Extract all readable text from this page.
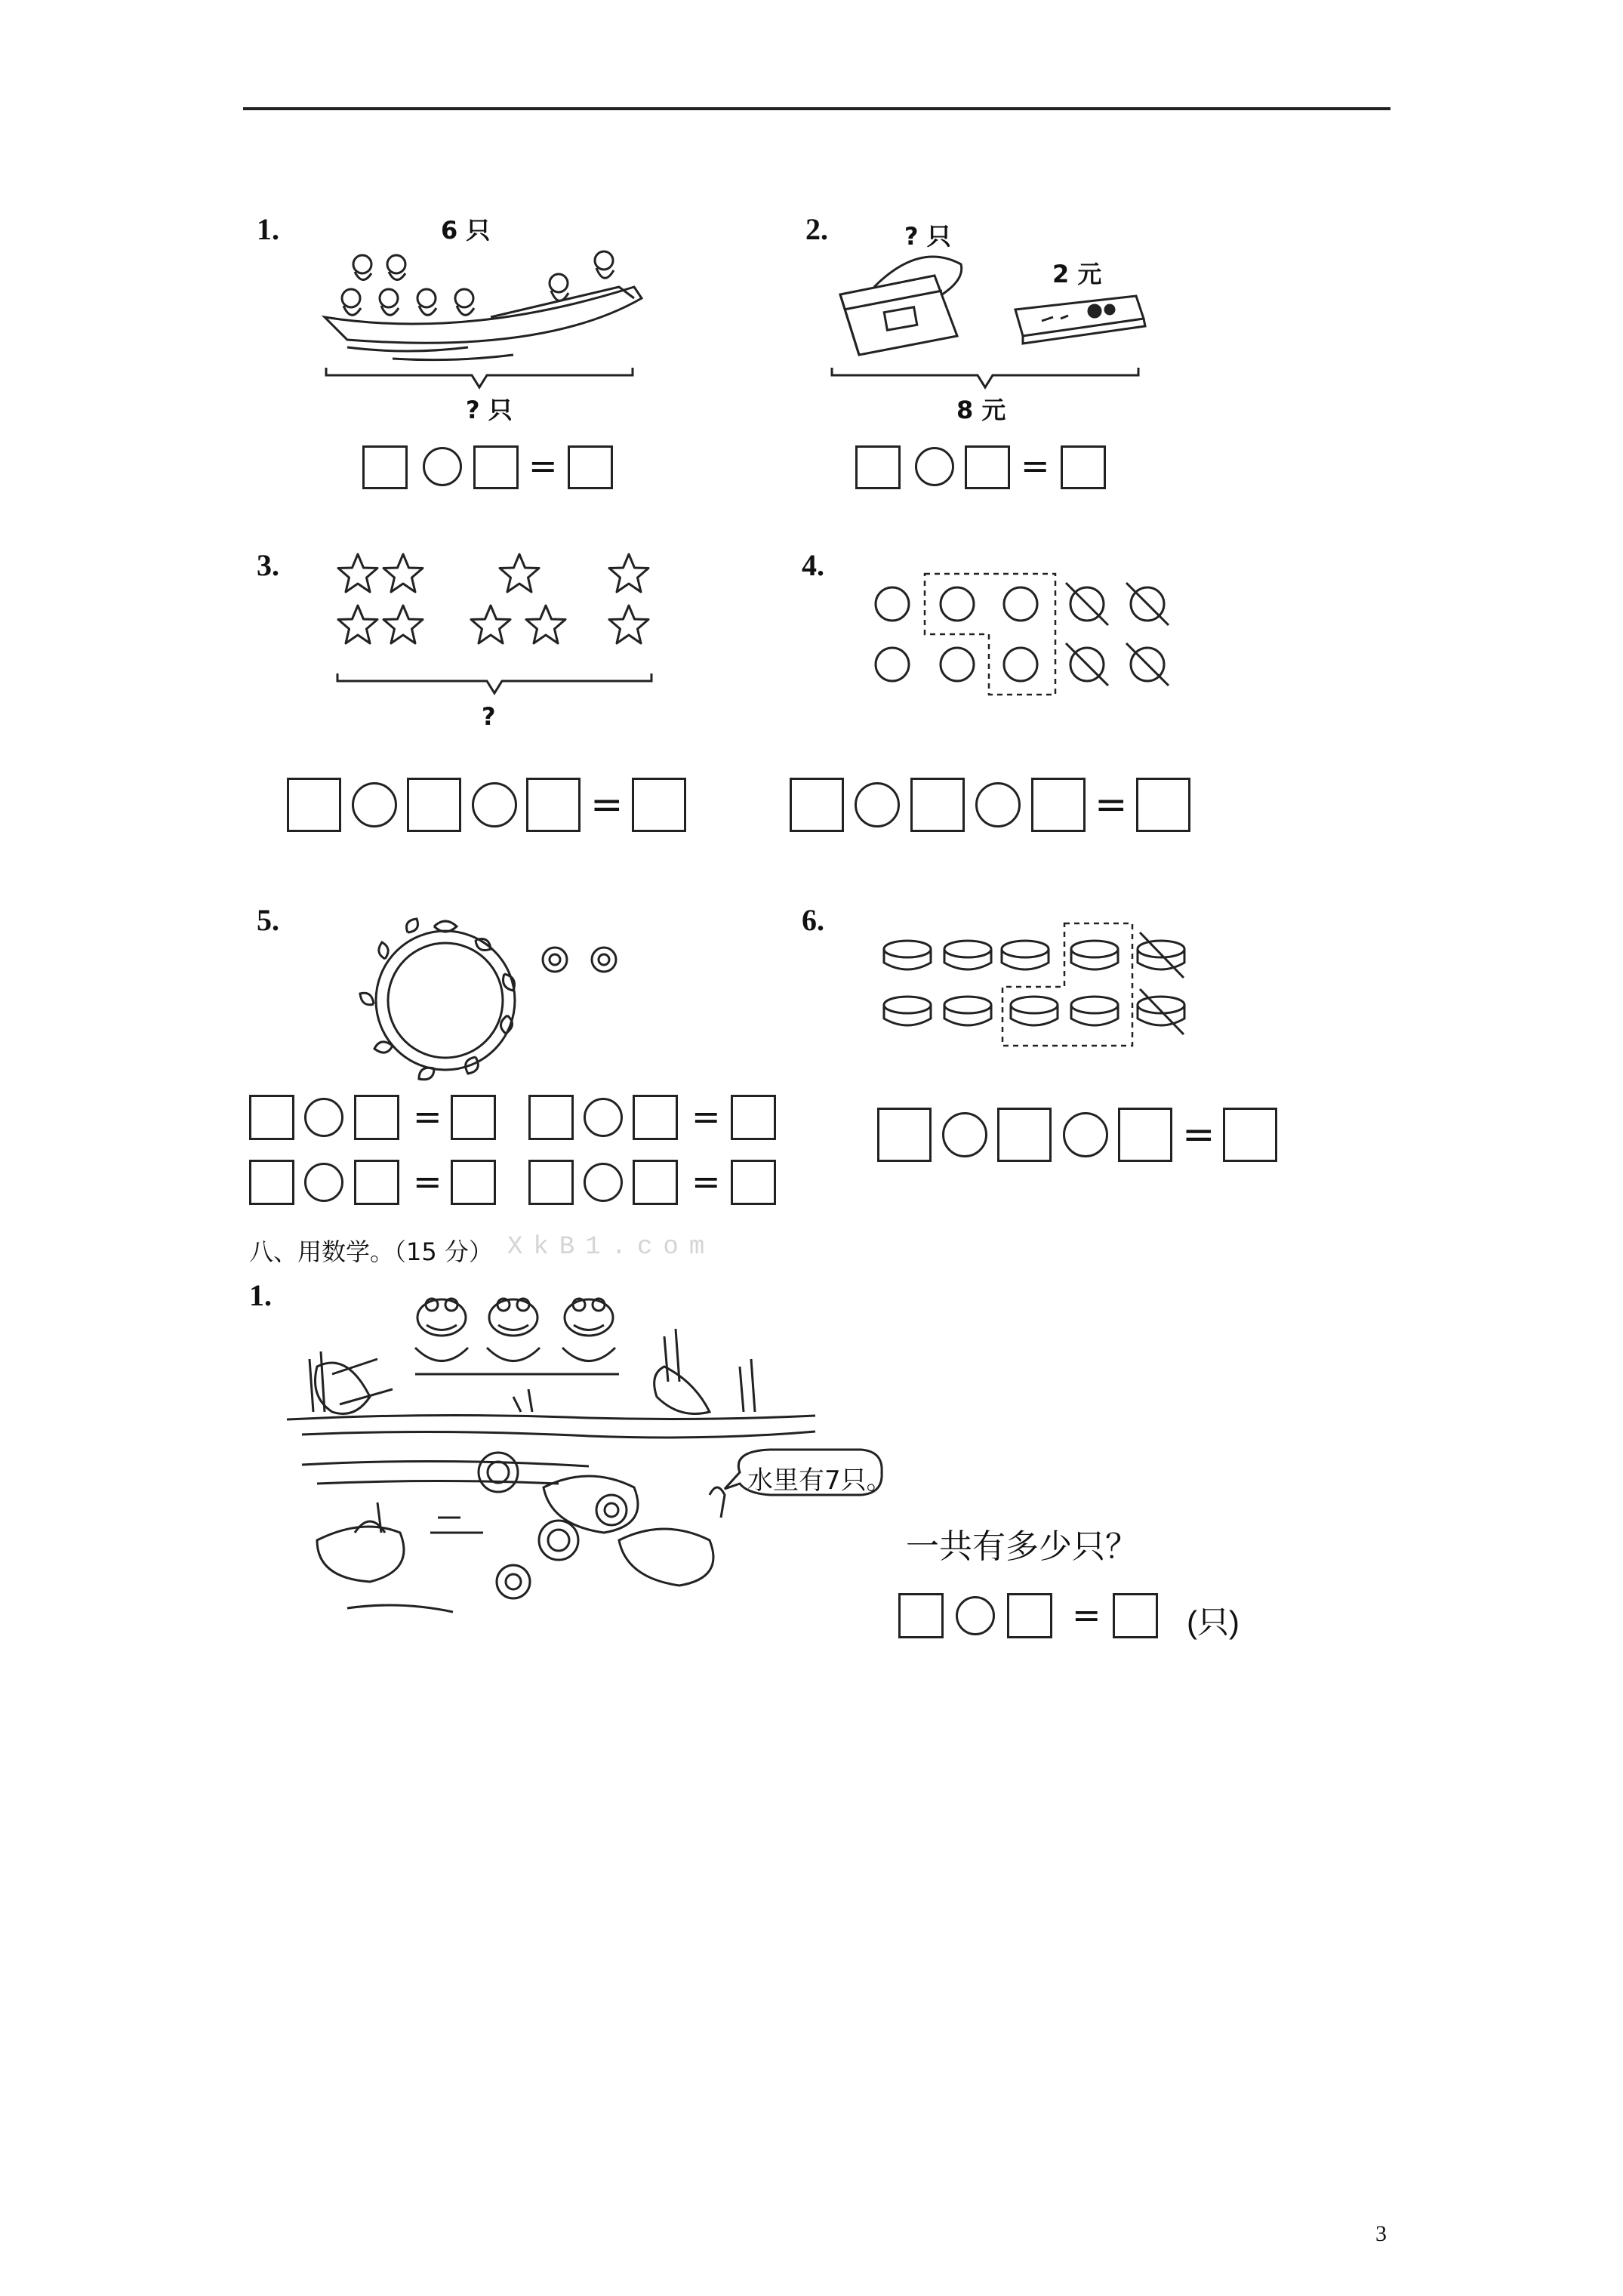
1.	6 只
? 只
=
2.	? 只
2 元
8 元
=
3.
?
=
4.
=
5.
=	=
=	=
6.
=
八、用数学。（15 分） XkB1.com
1.
水里有7只。
一共有多少只？
=	(只)
3
